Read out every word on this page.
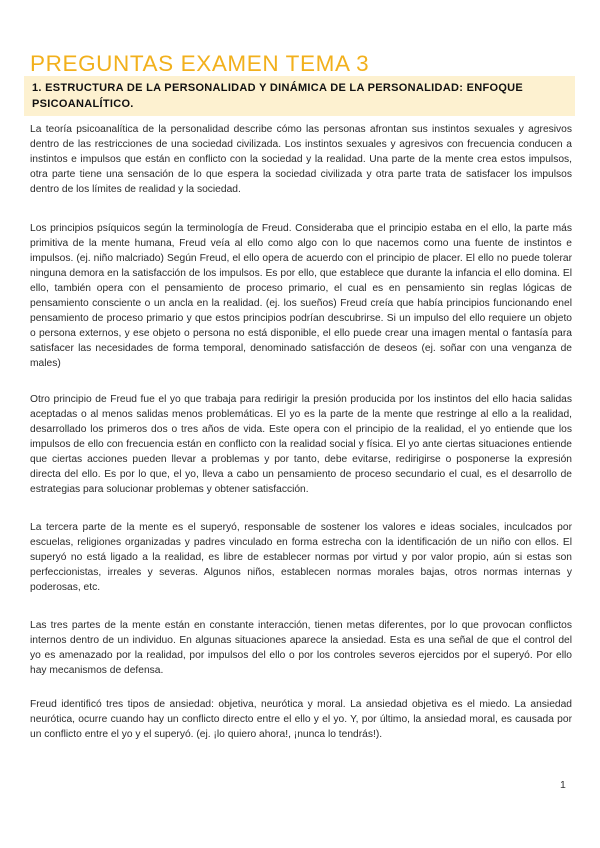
PREGUNTAS EXAMEN TEMA 3
1. ESTRUCTURA DE LA PERSONALIDAD Y DINÁMICA DE LA PERSONALIDAD: ENFOQUE PSICOANALÍTICO.

La teoría psicoanalítica de la personalidad describe cómo las personas afrontan sus instintos sexuales y agresivos dentro de las restricciones de una sociedad civilizada. Los instintos sexuales y agresivos con frecuencia conducen a instintos e impulsos que están en conflicto con la sociedad y la realidad. Una parte de la mente crea estos impulsos, otra parte tiene una sensación de lo que espera la sociedad civilizada y otra parte trata de satisfacer los impulsos dentro de los límites de realidad y la sociedad.

Los principios psíquicos según la terminología de Freud. Consideraba que el principio estaba en el ello, la parte más primitiva de la mente humana, Freud veía al ello como algo con lo que nacemos como una fuente de instintos e impulsos. (ej. niño malcriado) Según Freud, el ello opera de acuerdo con el principio de placer. El ello no puede tolerar ninguna demora en la satisfacción de los impulsos. Es por ello, que establece que durante la infancia el ello domina. El ello, también opera con el pensamiento de proceso primario, el cual es en pensamiento sin reglas lógicas de pensamiento consciente o un ancla en la realidad. (ej. los sueños) Freud creía que había principios funcionando enel pensamiento de proceso primario y que estos principios podrían descubrirse. Si un impulso del ello requiere un objeto o persona externos, y ese objeto o persona no está disponible, el ello puede crear una imagen mental o fantasía para satisfacer las necesidades de forma temporal, denominado satisfacción de deseos (ej. soñar con una venganza de males)

Otro principio de Freud fue el yo que trabaja para redirigir la presión producida por los instintos del ello hacia salidas aceptadas o al menos salidas menos problemáticas. El yo es la parte de la mente que restringe al ello a la realidad, desarrollado los primeros dos o tres años de vida. Este opera con el principio de la realidad, el yo entiende que los impulsos de ello con frecuencia están en conflicto con la realidad social y física. El yo ante ciertas situaciones entiende que ciertas acciones pueden llevar a problemas y por tanto, debe evitarse, redirigirse o posponerse la expresión directa del ello. Es por lo que, el yo, lleva a cabo un pensamiento de proceso secundario el cual, es el desarrollo de estrategias para solucionar problemas y obtener satisfacción.

La tercera parte de la mente es el superyó, responsable de sostener los valores e ideas sociales, inculcados por escuelas, religiones organizadas y padres vinculado en forma estrecha con la identificación de un niño con ellos. El superyó no está ligado a la realidad, es libre de establecer normas por virtud y por valor propio, aún si estas son perfeccionistas, irreales y severas. Algunos niños, establecen normas morales bajas, otros normas internas y poderosas, etc.

Las tres partes de la mente están en constante interacción, tienen metas diferentes, por lo que provocan conflictos internos dentro de un individuo. En algunas situaciones aparece la ansiedad. Esta es una señal de que el control del yo es amenazado por la realidad, por impulsos del ello o por los controles severos ejercidos por el superyó. Por ello hay mecanismos de defensa.

Freud identificó tres tipos de ansiedad: objetiva, neurótica y moral. La ansiedad objetiva es el miedo. La ansiedad neurótica, ocurre cuando hay un conflicto directo entre el ello y el yo. Y, por último, la ansiedad moral, es causada por un conflicto entre el yo y el superyó. (ej. ¡lo quiero ahora!, ¡nunca lo tendrás!).

1
